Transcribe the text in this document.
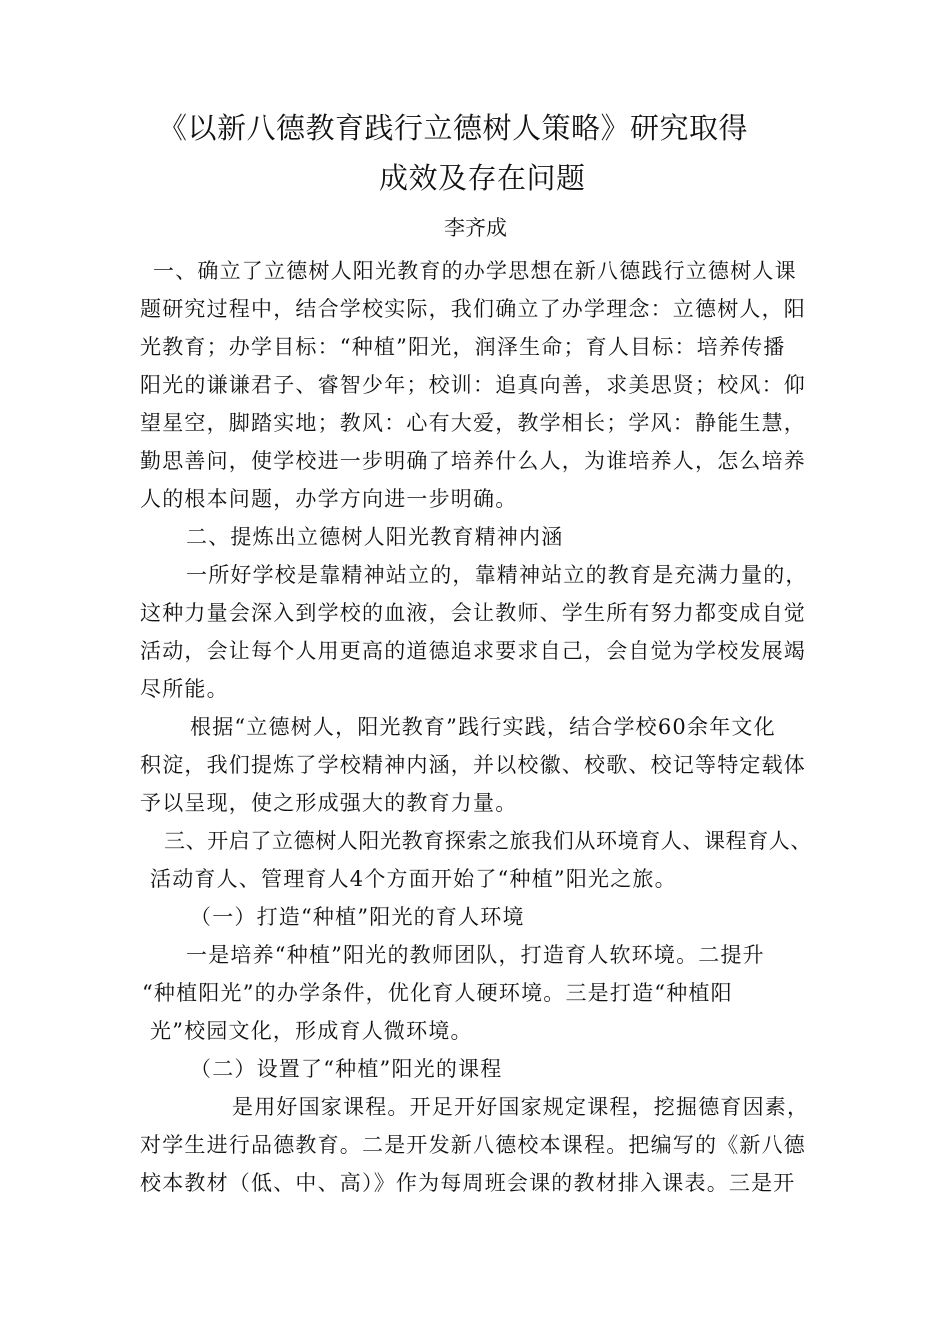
《以新八德教育践行立德树人策略》研究取得
成效及存在问题
李齐成
一、确立了立德树人阳光教育的办学思想在新八德践行立德树人课
题研究过程中，结合学校实际，我们确立了办学理念：立德树人，阳
光教育；办学目标：“种植”阳光，润泽生命；育人目标：培养传播
阳光的谦谦君子、睿智少年；校训：追真向善，求美思贤；校风：仰
望星空，脚踏实地；教风：心有大爱，教学相长；学风：静能生慧，
勤思善问，使学校进一步明确了培养什么人，为谁培养人，怎么培养
人的根本问题，办学方向进一步明确。
二、提炼出立德树人阳光教育精神内涵
一所好学校是靠精神站立的，靠精神站立的教育是充满力量的，
这种力量会深入到学校的血液，会让教师、学生所有努力都变成自觉
活动，会让每个人用更高的道德追求要求自己，会自觉为学校发展竭
尽所能。
根据“立德树人，阳光教育”践行实践，结合学校60余年文化
积淀，我们提炼了学校精神内涵，并以校徽、校歌、校记等特定载体
予以呈现，使之形成强大的教育力量。
三、开启了立德树人阳光教育探索之旅我们从环境育人、课程育人、
活动育人、管理育人4个方面开始了“种植”阳光之旅。
（一）打造“种植”阳光的育人环境
一是培养“种植”阳光的教师团队，打造育人软环境。二提升
“种植阳光”的办学条件，优化育人硬环境。三是打造“种植阳
光”校园文化，形成育人微环境。
（二）设置了“种植”阳光的课程
是用好国家课程。开足开好国家规定课程，挖掘德育因素，
对学生进行品德教育。二是开发新八德校本课程。把编写的《新八德
校本教材（低、中、高）》作为每周班会课的教材排入课表。三是开
